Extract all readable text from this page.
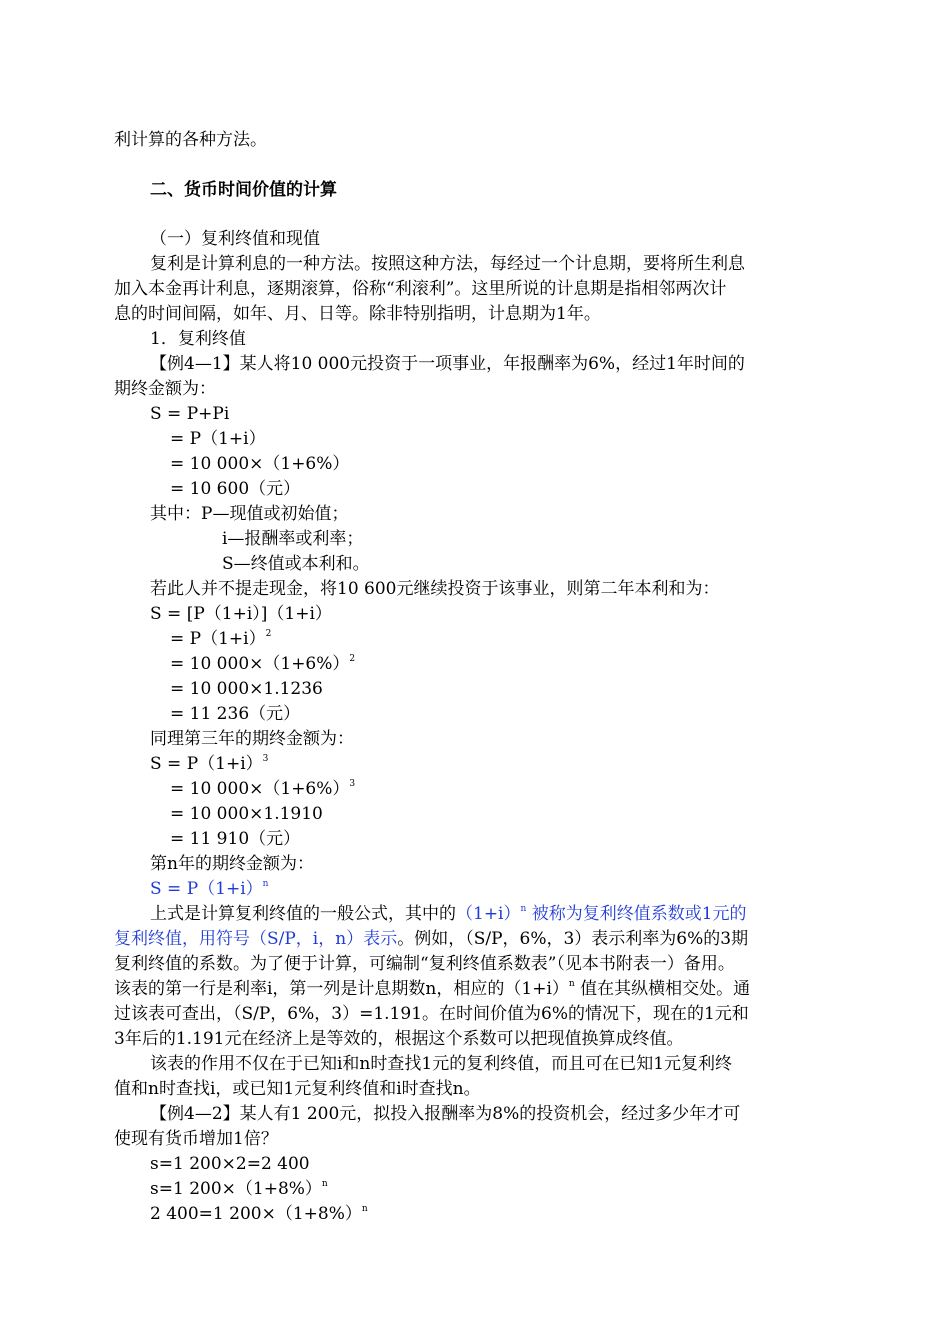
利计算的各种方法。
二、货币时间价值的计算
（一）复利终值和现值
复利是计算利息的一种方法。按照这种方法，每经过一个计息期，要将所生利息
加入本金再计利息，逐期滚算，俗称“利滚利”。这里所说的计息期是指相邻两次计
息的时间间隔，如年、月、日等。除非特别指明，计息期为1年。
1．复利终值
【例4—1】某人将10 000元投资于一项事业，年报酬率为6%，经过1年时间的
期终金额为：
S = P+Pi
= P（1+i）
= 10 000×（1+6%）
= 10 600（元）
其中：P—现值或初始值；
i—报酬率或利率；
S—终值或本利和。
若此人并不提走现金，将10 600元继续投资于该事业，则第二年本利和为：
S = [P（1+i）]（1+i）
= $P(1+i)^2$
= 10 $000\times(1+6\%)^2$
= 10 000×1.1236
= 11 236（元）
同理第三年的期终金额为：
$S = P(1+i)^3$
= 10 $000\times(1+6\%)^3$
= 10 000×1.1910
= 11 910（元）
第n年的期终金额为：
$S = P(1+i)^n$
上式是计算复利终值的一般公式，其中的$(1+i)^n$ 被称为复利终值系数或1元的
复利终值，用符号（S/P，i，n）表示。例如，（S/P，6%，3）表示利率为6%的3期
复利终值的系数。为了便于计算，可编制“复利终值系数表”（见本书附表一）备用。
该表的第一行是利率i，第一列是计息期数n，相应的$(1+i)^n$ 值在其纵横相交处。通
过该表可查出，（S/P，6%，3）=1.191。在时间价值为6%的情况下，现在的1元和
3年后的1.191元在经济上是等效的，根据这个系数可以把现值换算成终值。
该表的作用不仅在于已知i和n时查找1元的复利终值，而且可在已知1元复利终
值和n时查找i，或已知1元复利终值和i时查找n。
【例4—2】某人有1 200元，拟投入报酬率为8%的投资机会，经过多少年才可
使现有货币增加1倍？
s=1 200×2=2 400
s=1 $200\times(1+8\%)^n$
2 400=1 $200\times(1+8\%)^n$
